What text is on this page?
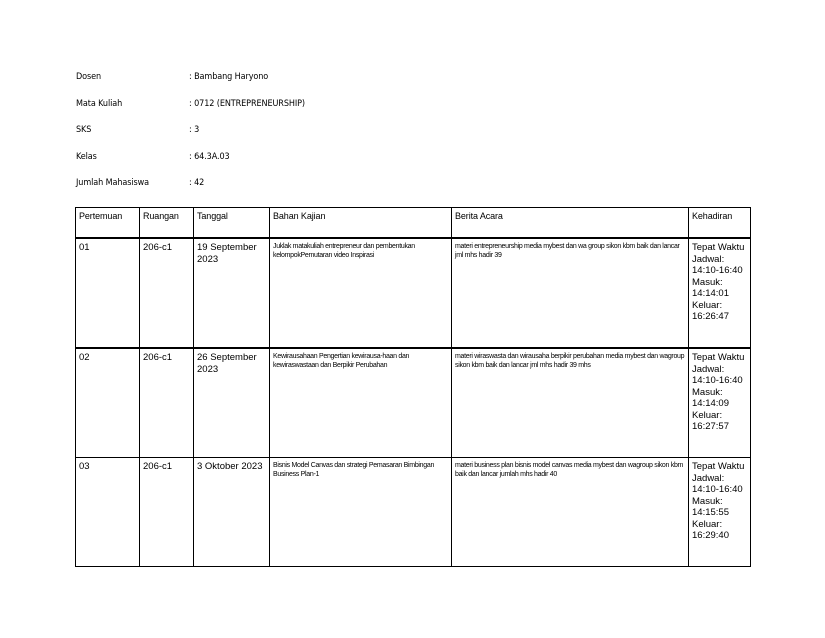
Dosen	: Bambang Haryono
Mata Kuliah	: 0712 (ENTREPRENEURSHIP)
SKS	: 3
Kelas	: 64.3A.03
Jumlah Mahasiswa	: 42
Pertemuan	Ruangan	Tanggal	Bahan Kajian	Berita Acara	Kehadiran
01	206-c1	19 September 2023	Juklak matakuliah entrepreneur dan pembentukan kelompokPemutaran video Inspirasi	materi entrepreneurship media mybest dan wa group sikon kbm baik dan lancar jml mhs hadir 39	Tepat Waktu Jadwal: 14:10-16:40 Masuk: 14:14:01 Keluar: 16:26:47
02	206-c1	26 September 2023	Kewirausahaan Pengertian kewirausa-haan dan kewiraswastaan dan Berpikir Perubahan	materi wiraswasta dan wirausaha berpikir perubahan media mybest dan wagroup sikon kbm baik dan lancar jml mhs hadir 39 mhs	Tepat Waktu Jadwal: 14:10-16:40 Masuk: 14:14:09 Keluar: 16:27:57
03	206-c1	3 Oktober 2023	Bisnis Model Canvas dan strategi Pemasaran Bimbingan Business Plan-1	materi business plan bisnis model canvas media mybest dan wagroup sikon kbm baik dan lancar jumlah mhs hadir 40	Tepat Waktu Jadwal: 14:10-16:40 Masuk: 14:15:55 Keluar: 16:29:40
